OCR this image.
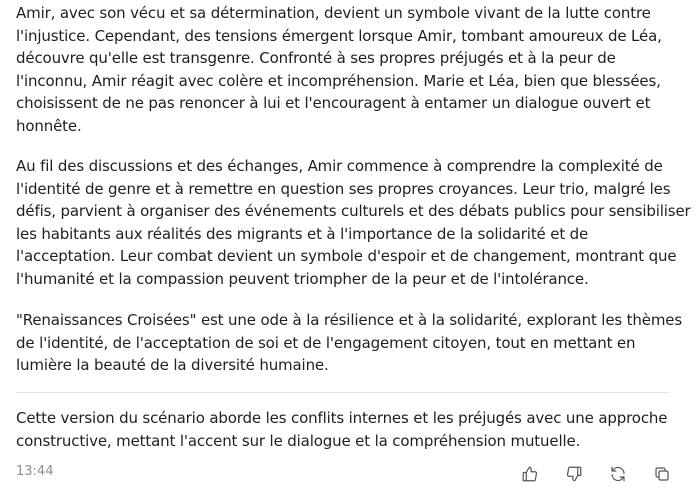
Amir, avec son vécu et sa détermination, devient un symbole vivant de la lutte contre l'injustice. Cependant, des tensions émergent lorsque Amir, tombant amoureux de Léa, découvre qu'elle est transgenre. Confronté à ses propres préjugés et à la peur de l'inconnu, Amir réagit avec colère et incompréhension. Marie et Léa, bien que blessées, choisissent de ne pas renoncer à lui et l'encouragent à entamer un dialogue ouvert et honnête.

Au fil des discussions et des échanges, Amir commence à comprendre la complexité de l'identité de genre et à remettre en question ses propres croyances. Leur trio, malgré les défis, parvient à organiser des événements culturels et des débats publics pour sensibiliser les habitants aux réalités des migrants et à l'importance de la solidarité et de l'acceptation. Leur combat devient un symbole d'espoir et de changement, montrant que l'humanité et la compassion peuvent triompher de la peur et de l'intolérance.

"Renaissances Croisées" est une ode à la résilience et à la solidarité, explorant les thèmes de l'identité, de l'acceptation de soi et de l'engagement citoyen, tout en mettant en lumière la beauté de la diversité humaine.

Cette version du scénario aborde les conflits internes et les préjugés avec une approche constructive, mettant l'accent sur le dialogue et la compréhension mutuelle.

13:44
